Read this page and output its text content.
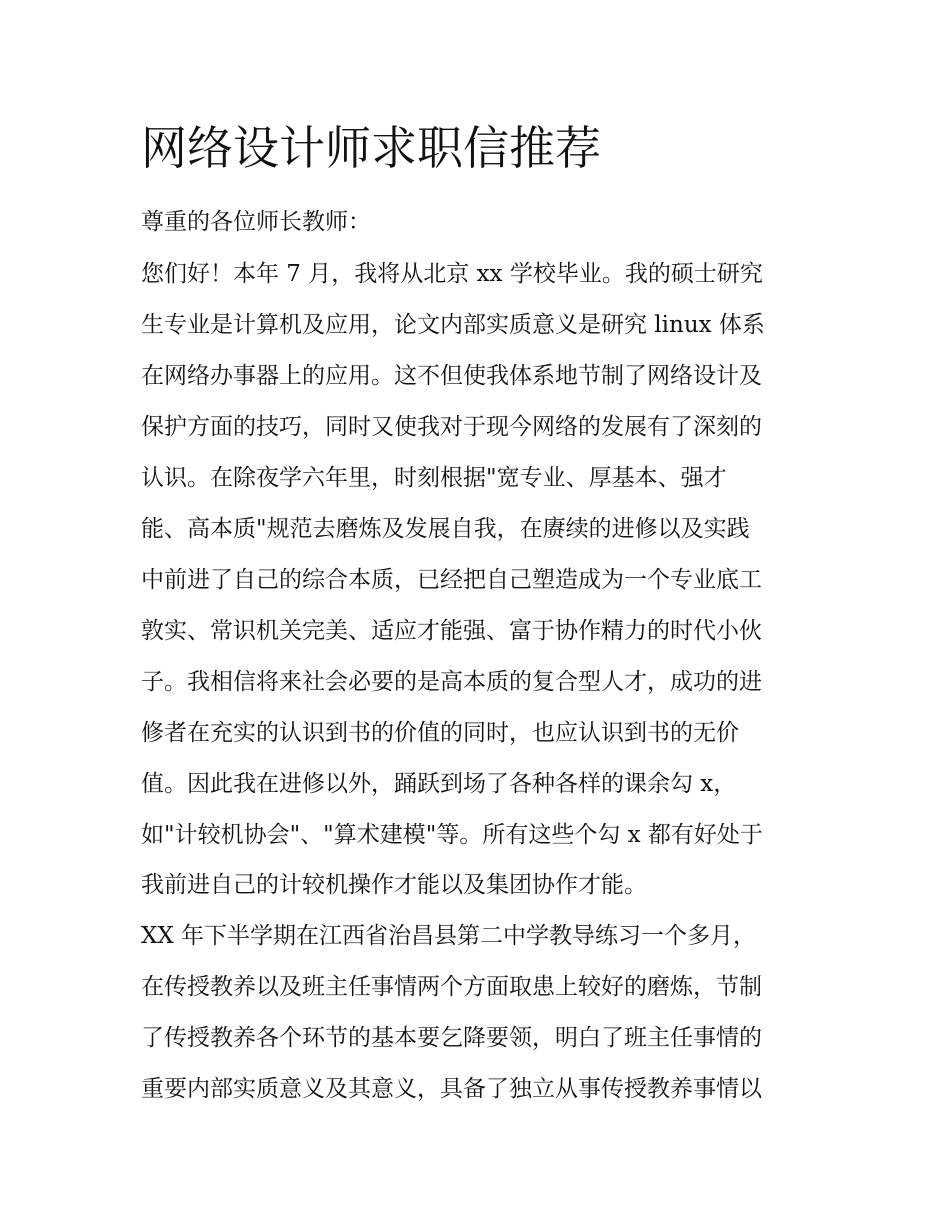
网络设计师求职信推荐

尊重的各位师长教师：

您们好！本年 7 月，我将从北京 xx 学校毕业。我的硕士研究

生专业是计算机及应用，论文内部实质意义是研究 linux 体系

在网络办事器上的应用。这不但使我体系地节制了网络设计及

保护方面的技巧，同时又使我对于现今网络的发展有了深刻的

认识。在除夜学六年里，时刻根据"宽专业、厚基本、强才

能、高本质"规范去磨炼及发展自我，在赓续的进修以及实践

中前进了自己的综合本质，已经把自己塑造成为一个专业底工

敦实、常识机关完美、适应才能强、富于协作精力的时代小伙

子。我相信将来社会必要的是高本质的复合型人才，成功的进

修者在充实的认识到书的价值的同时，也应认识到书的无价

值。因此我在进修以外，踊跃到场了各种各样的课余勾 x，

如"计较机协会"、"算术建模"等。所有这些个勾 x 都有好处于

我前进自己的计较机操作才能以及集团协作才能。

XX 年下半学期在江西省治昌县第二中学教导练习一个多月，

在传授教养以及班主任事情两个方面取患上较好的磨炼，节制

了传授教养各个环节的基本要乞降要领，明白了班主任事情的

重要内部实质意义及其意义，具备了独立从事传授教养事情以
